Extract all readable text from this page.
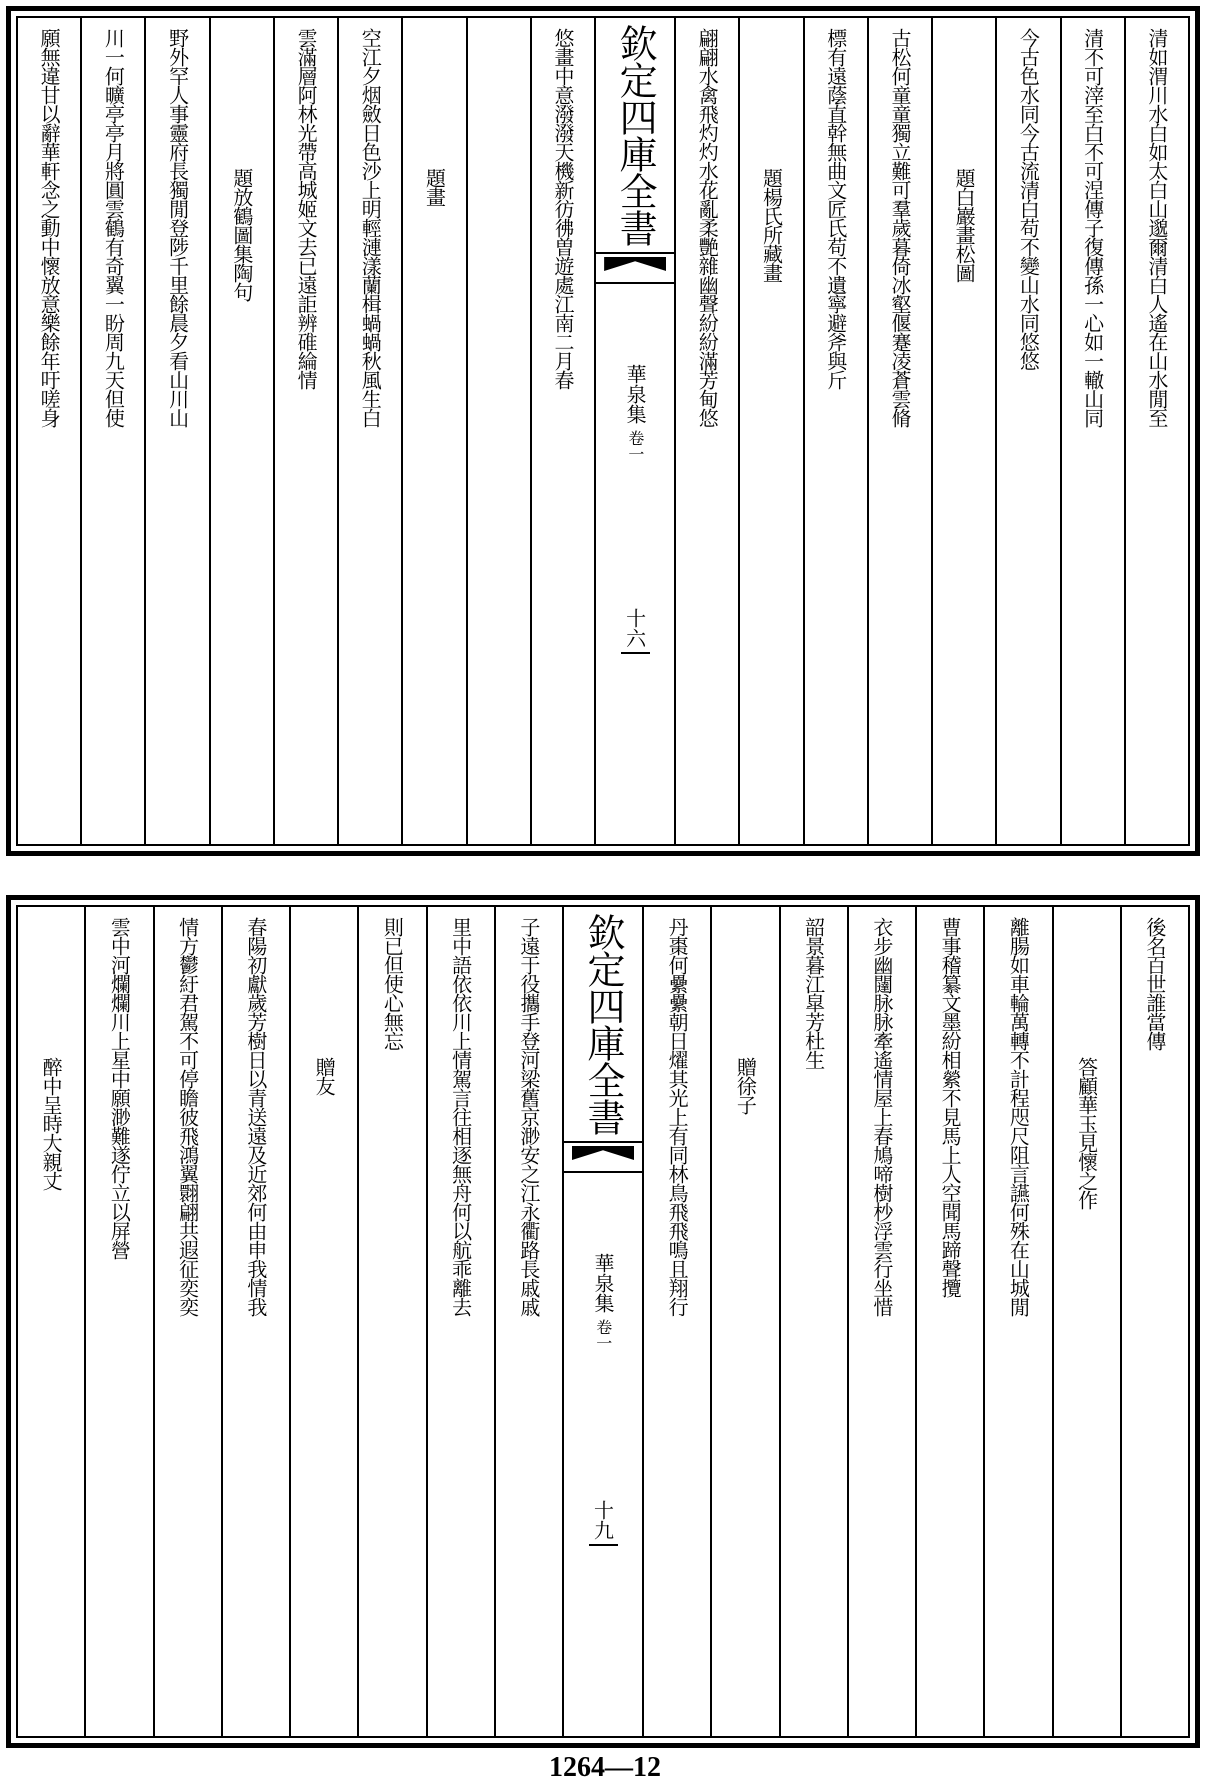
清如渭川水白如太白山邈爾清白人遙在山水閒至
清不可滓至白不可涅傳子復傳孫一心如一轍山同
今古色水同今古流清白苟不變山水同悠悠
題白巖畫松圖
古松何童童獨立難可羣歲暮倚冰壑偃蹇凌蒼雲脩
標有遠蔭直幹無曲文匠氏苟不遺寧避斧與斤
題楊氏所藏畫
翩翩水禽飛灼灼水花亂柔艷雜幽聲紛紛滿芳甸悠
欽定四庫全書
華泉集
卷一
十六
悠畫中意潑潑天機新彷彿曽遊處江南二月春
題畫
空江夕烟斂日色沙上明輕漣漾蘭楫蝸蝸秋風生白
雲滿層阿林光帶高城姬文去已遠詎辨碓綸情
題放鶴圖集陶句
野外罕人事靈府長獨閒登陟千里餘晨夕看山川山
川一何曠亭亭月將圓雲鶴有奇翼一盼周九天但使
願無違甘以辭華軒念之動中懷放意樂餘年吁嗟身
後名百世誰當傳
答顧華玉見懷之作
離腸如車輪萬轉不計程咫尺阻言讌何殊在山城閒
曹事稽纂文墨紛相縈不見馬上人空聞馬蹄聲攬
衣步幽闥脉脉牽遙情屋上春鳩啼樹杪浮雲行坐惜
韶景暮江皐芳杜生
贈徐子
丹棗何纍纍朝日燿其光上有同林鳥飛飛鳴且翔行
欽定四庫全書
華泉集
卷一
十九
子遠于役攜手登河梁舊京渺安之江永衢路長戚戚
里中語依依川上情駕言往相逐無舟何以航乖離去
則已但使心無忘
贈友
春陽初獻歲芳樹日以青送遠及近郊何由申我情我
情方鬱紆君駕不可停瞻彼飛鴻翼翾翩共遐征奕奕
雲中河爛爛川上星中願渺難遂佇立以屏營
醉中呈時大親丈
1264—12
